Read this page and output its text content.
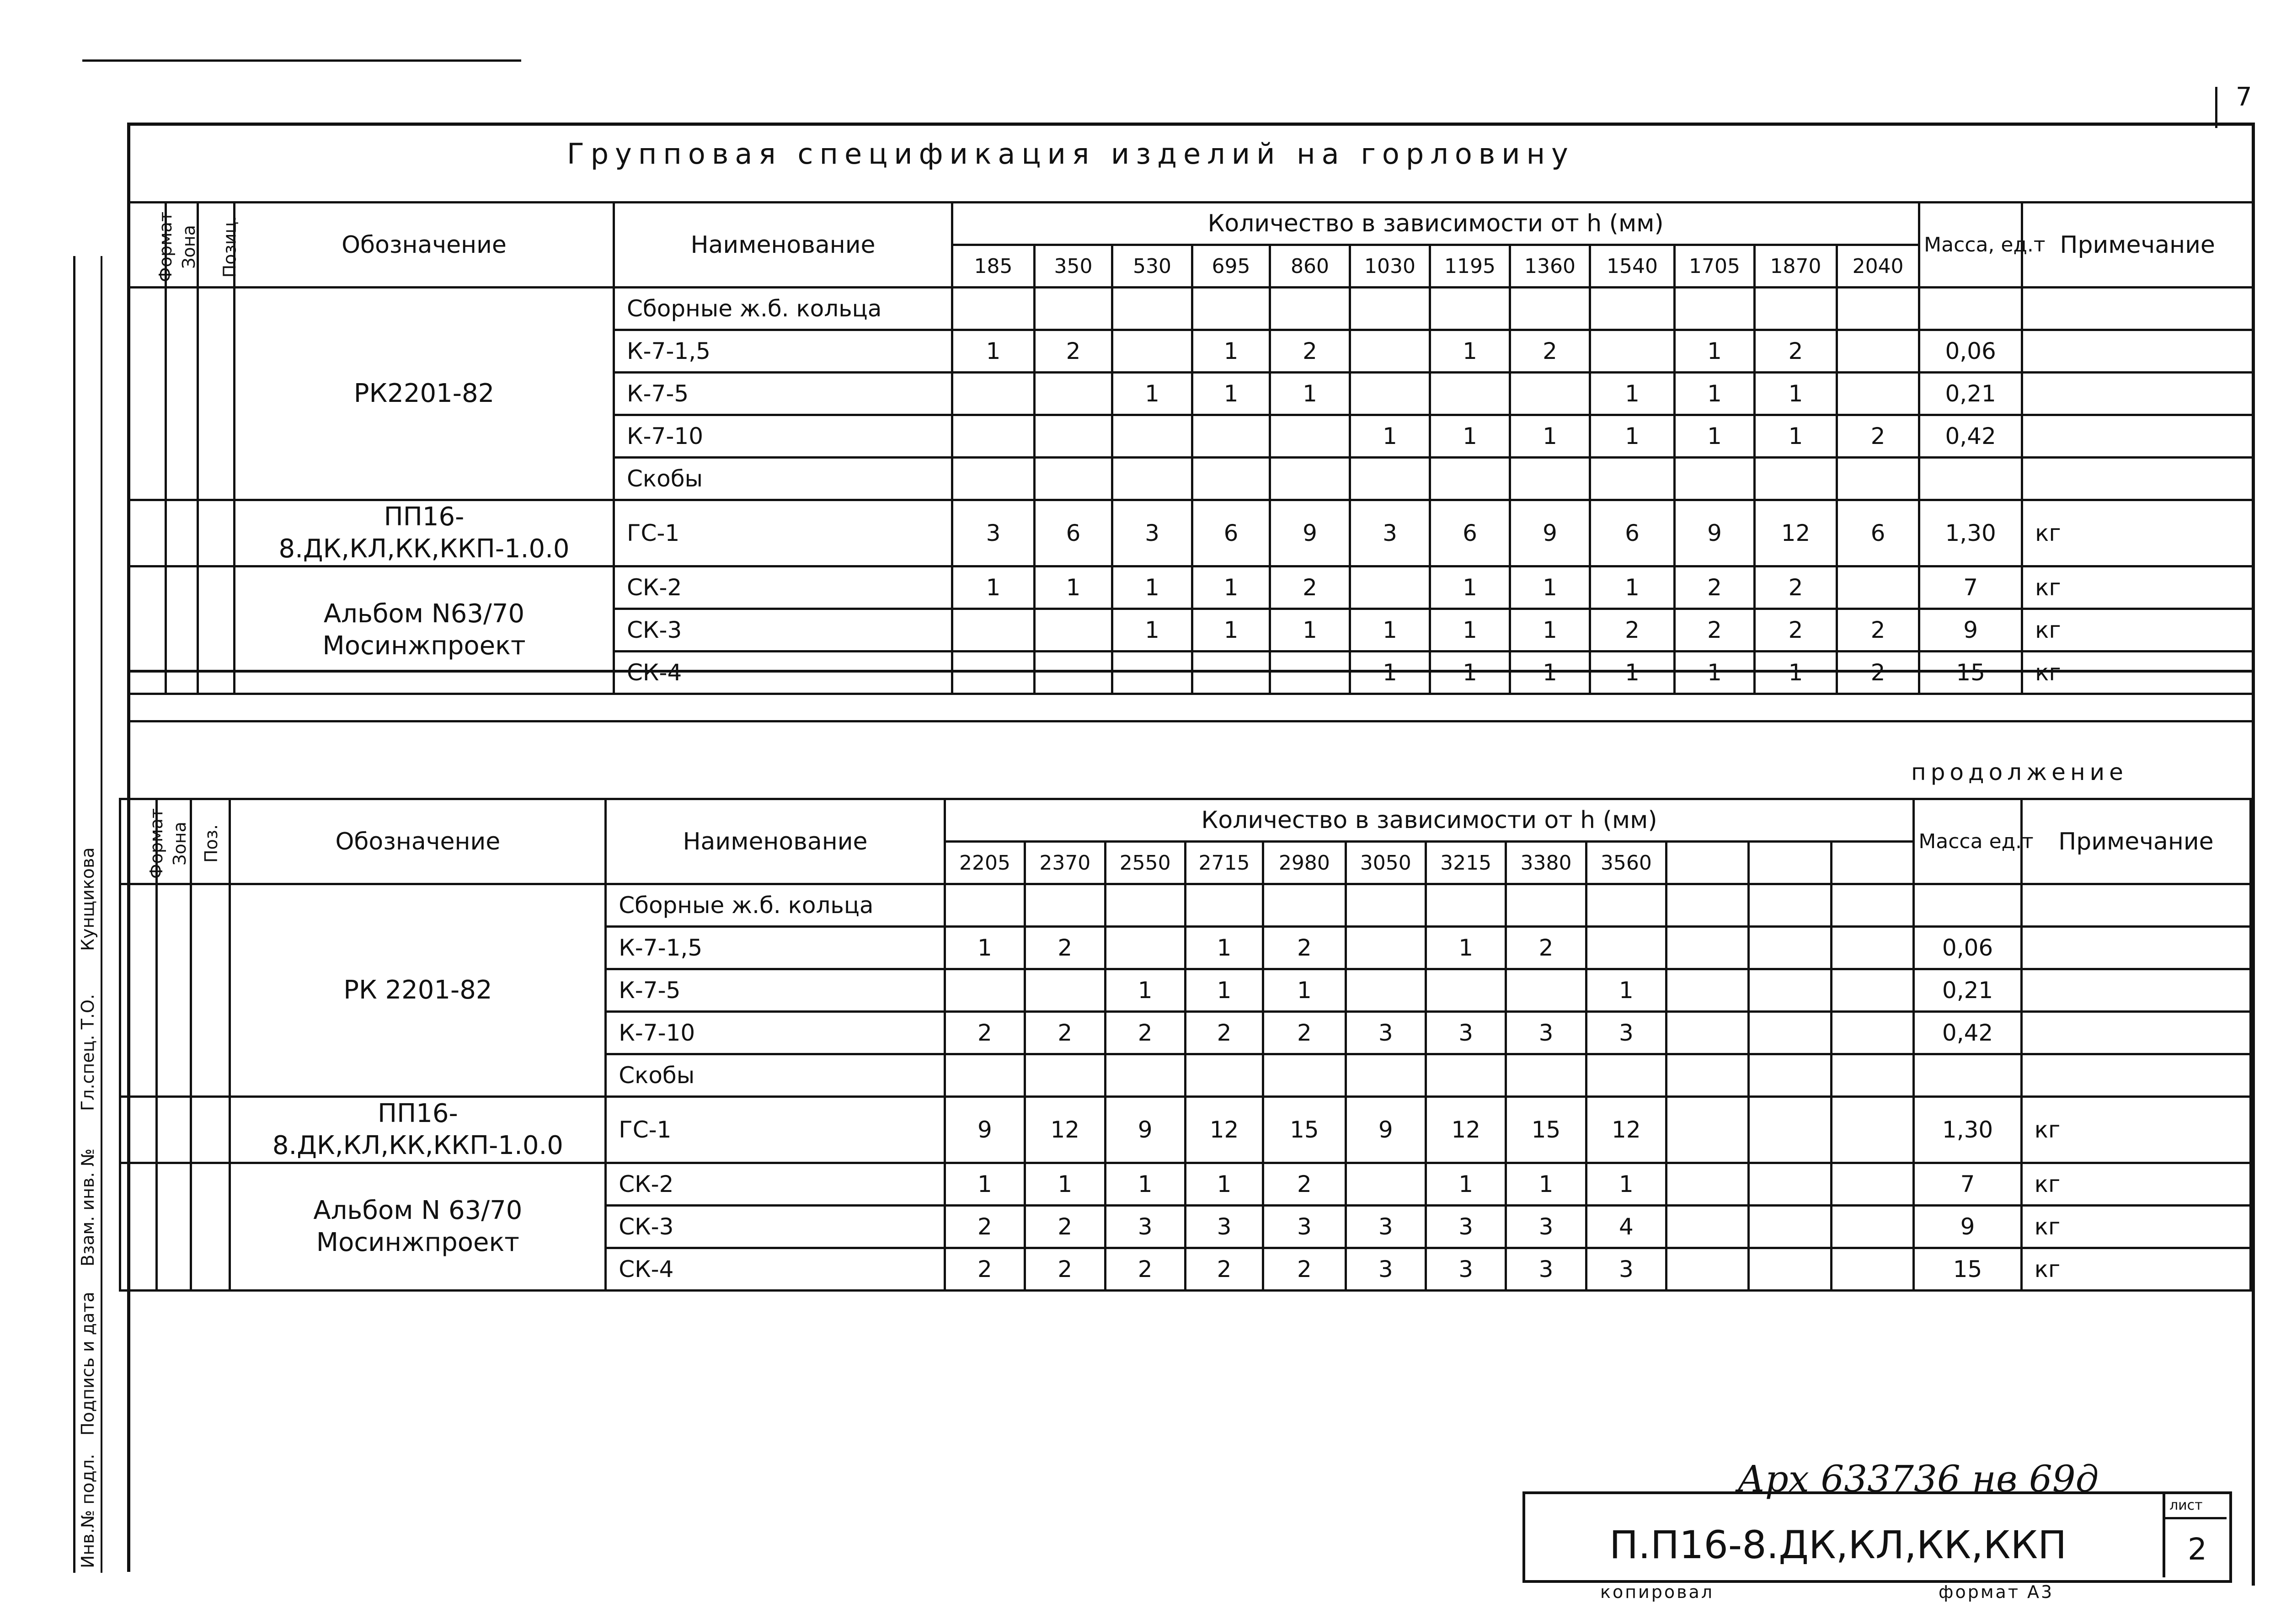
7
Групповая спецификация изделий на горловину
Формат	Зона	Позиц.	Обозначение	Наименование	Количество в зависимости от h (мм)												Масса, ед.т	Примечание
					185	350	530	695	860	1030	1195	1360	1540	1705	1870	2040		
			РК2201-82	Сборные ж.б. кольца														
				К-7-1,5	1	2		1	2		1	2		1	2		0,06	
				К-7-5			1	1	1				1	1	1		0,21	
				К-7-10						1	1	1	1	1	1	2	0,42	
				Скобы														
			ПП16-8.ДК,КЛ,КК,ККП-1.0.0	ГС-1	3	6	3	6	9	3	6	9	6	9	12	6	1,30	кг
			Альбом N63/70 Мосинжпроект	СК-2	1	1	1	1	2		1	1	1	2	2		7	кг
				СК-3			1	1	1	1	1	1	2	2	2	2	9	кг
				СК-4						1	1	1	1	1	1	2	15	кг
продолжение
Формат	Зона	Поз.	Обозначение	Наименование	Количество в зависимости от h (мм)												Масса ед.т	Примечание
					2205	2370	2550	2715	2980	3050	3215	3380	3560					
			РК 2201-82	Сборные ж.б. кольца														
				К-7-1,5	1	2		1	2		1	2					0,06	
				К-7-5			1	1	1				1				0,21	
				К-7-10	2	2	2	2	2	3	3	3	3				0,42	
				Скобы														
			ПП16-8.ДК,КЛ,КК,ККП-1.0.0	ГС-1	9	12	9	12	15	9	12	15	12				1,30	кг
			Альбом N 63/70 Мосинжпроект	СК-2	1	1	1	1	2		1	1	1				7	кг
				СК-3	2	2	3	3	3	3	3	3	4				9	кг
				СК-4	2	2	2	2	2	3	3	3	3				15	кг
Инв.№ подл.
Подпись и дата
Взам. инв. №
Гл.спец. Т.О.
Кунщикова
Арх 633736 нв 69д
П.П16-8.ДК,КЛ,КК,ККП
лист
2
копировал	формат А3
